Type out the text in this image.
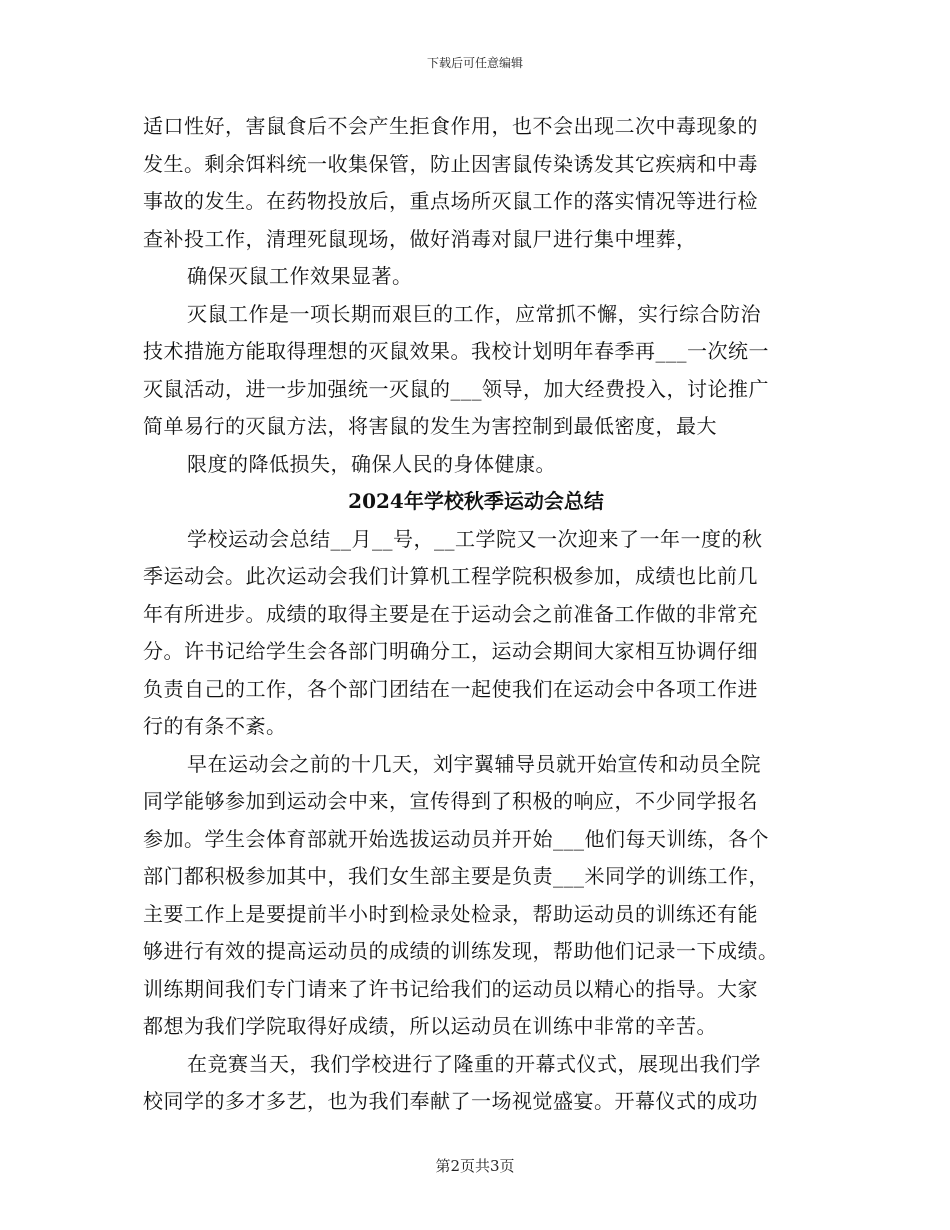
下载后可任意编辑

适口性好，害鼠食后不会产生拒食作用，也不会出现二次中毒现象的

发生。剩余饵料统一收集保管，防止因害鼠传染诱发其它疾病和中毒

事故的发生。在药物投放后，重点场所灭鼠工作的落实情况等进行检

查补投工作，清理死鼠现场，做好消毒对鼠尸进行集中埋葬，

确保灭鼠工作效果显著。

灭鼠工作是一项长期而艰巨的工作，应常抓不懈，实行综合防治

技术措施方能取得理想的灭鼠效果。我校计划明年春季再___一次统一

灭鼠活动，进一步加强统一灭鼠的___领导，加大经费投入，讨论推广

简单易行的灭鼠方法，将害鼠的发生为害控制到最低密度，最大

限度的降低损失，确保人民的身体健康。

2024年学校秋季运动会总结

学校运动会总结__月__号，__工学院又一次迎来了一年一度的秋

季运动会。此次运动会我们计算机工程学院积极参加，成绩也比前几

年有所进步。成绩的取得主要是在于运动会之前准备工作做的非常充

分。许书记给学生会各部门明确分工，运动会期间大家相互协调仔细

负责自己的工作，各个部门团结在一起使我们在运动会中各项工作进

行的有条不紊。

早在运动会之前的十几天，刘宇翼辅导员就开始宣传和动员全院

同学能够参加到运动会中来，宣传得到了积极的响应，不少同学报名

参加。学生会体育部就开始选拔运动员并开始___他们每天训练，各个

部门都积极参加其中，我们女生部主要是负责___米同学的训练工作，

主要工作上是要提前半小时到检录处检录，帮助运动员的训练还有能

够进行有效的提高运动员的成绩的训练发现，帮助他们记录一下成绩。

训练期间我们专门请来了许书记给我们的运动员以精心的指导。大家

都想为我们学院取得好成绩，所以运动员在训练中非常的辛苦。

在竞赛当天，我们学校进行了隆重的开幕式仪式，展现出我们学

校同学的多才多艺，也为我们奉献了一场视觉盛宴。开幕仪式的成功

第2页共3页
